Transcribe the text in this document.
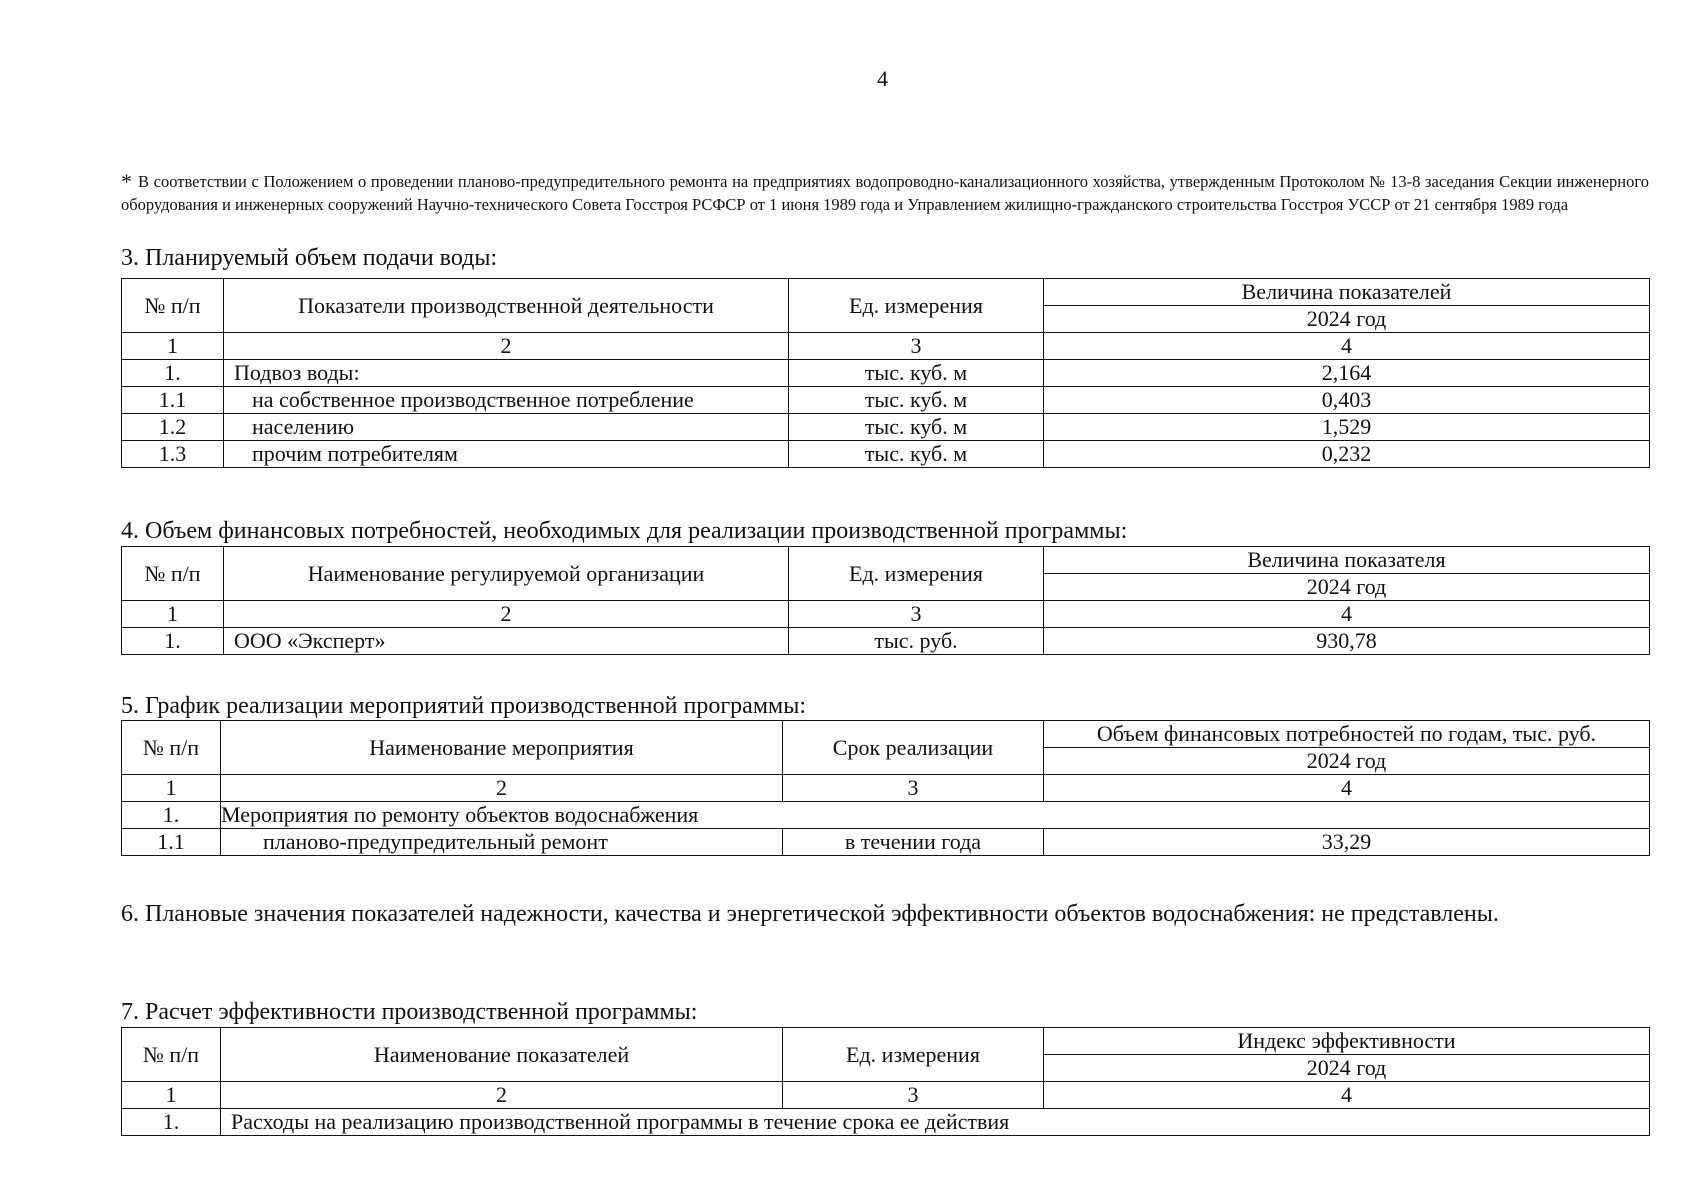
4
* В соответствии с Положением о проведении планово-предупредительного ремонта на предприятиях водопроводно-канализационного хозяйства, утвержденным Протоколом № 13-8 заседания Секции инженерного оборудования и инженерных сооружений Научно-технического Совета Госстроя РСФСР от 1 июня 1989 года и Управлением жилищно-гражданского строительства Госстроя УССР от 21 сентября 1989 года
3. Планируемый объем подачи воды:
№ п/п	Показатели производственной деятельности	Ед. измерения	Величина показателей
			2024 год
1	2	3	4
1.	Подвоз воды:	тыс. куб. м	2,164
1.1	на собственное производственное потребление	тыс. куб. м	0,403
1.2	населению	тыс. куб. м	1,529
1.3	прочим потребителям	тыс. куб. м	0,232
4. Объем финансовых потребностей, необходимых для реализации производственной программы:
№ п/п	Наименование регулируемой организации	Ед. измерения	Величина показателя
			2024 год
1	2	3	4
1.	ООО «Эксперт»	тыс. руб.	930,78
5. График реализации мероприятий производственной программы:
№ п/п	Наименование мероприятия	Срок реализации	Объем финансовых потребностей по годам, тыс. руб.
			2024 год
1	2	3	4
1.	Мероприятия по ремонту объектов водоснабжения		
1.1	планово-предупредительный ремонт	в течении года	33,29
6. Плановые значения показателей надежности, качества и энергетической эффективности объектов водоснабжения: не представлены.
7. Расчет эффективности производственной программы:
№ п/п	Наименование показателей	Ед. измерения	Индекс эффективности
			2024 год
1	2	3	4
1.	Расходы на реализацию производственной программы в течение срока ее действия		
